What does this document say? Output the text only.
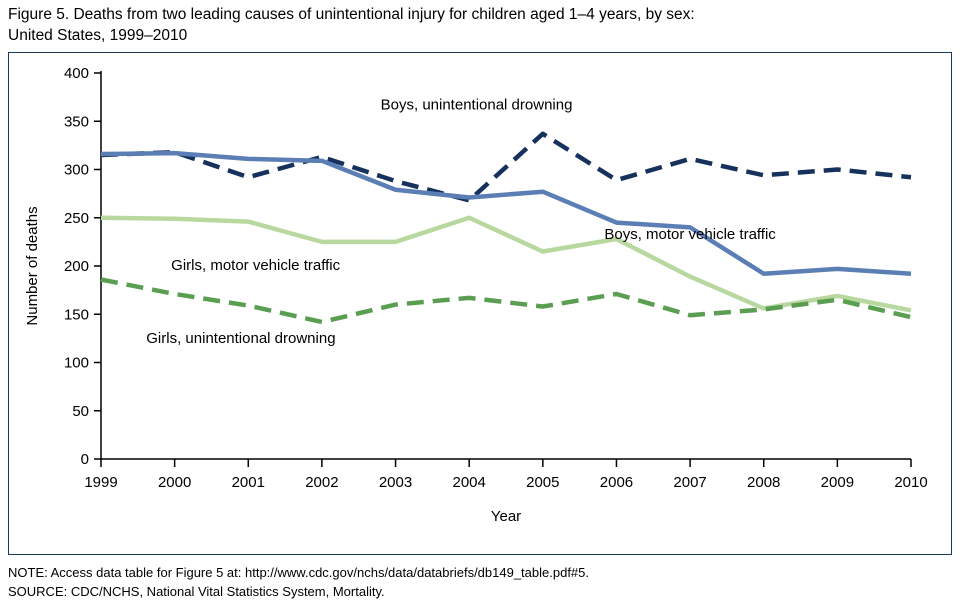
Figure 5. Deaths from two leading causes of unintentional injury for children aged 1–4 years, by sex:
United States, 1999–2010
0
50
100
150
200
250
300
350
400
1999	2000	2001	2002	2003	2004	2005	2006	2007	2008	2009	2010
Year
Number of deaths
Boys, unintentional drowning
Boys, motor vehicle traffic
Girls, motor vehicle traffic
Girls, unintentional drowning
NOTE: Access data table for Figure 5 at: http://www.cdc.gov/nchs/data/databriefs/db149_table.pdf#5.
SOURCE: CDC/NCHS, National Vital Statistics System, Mortality.
